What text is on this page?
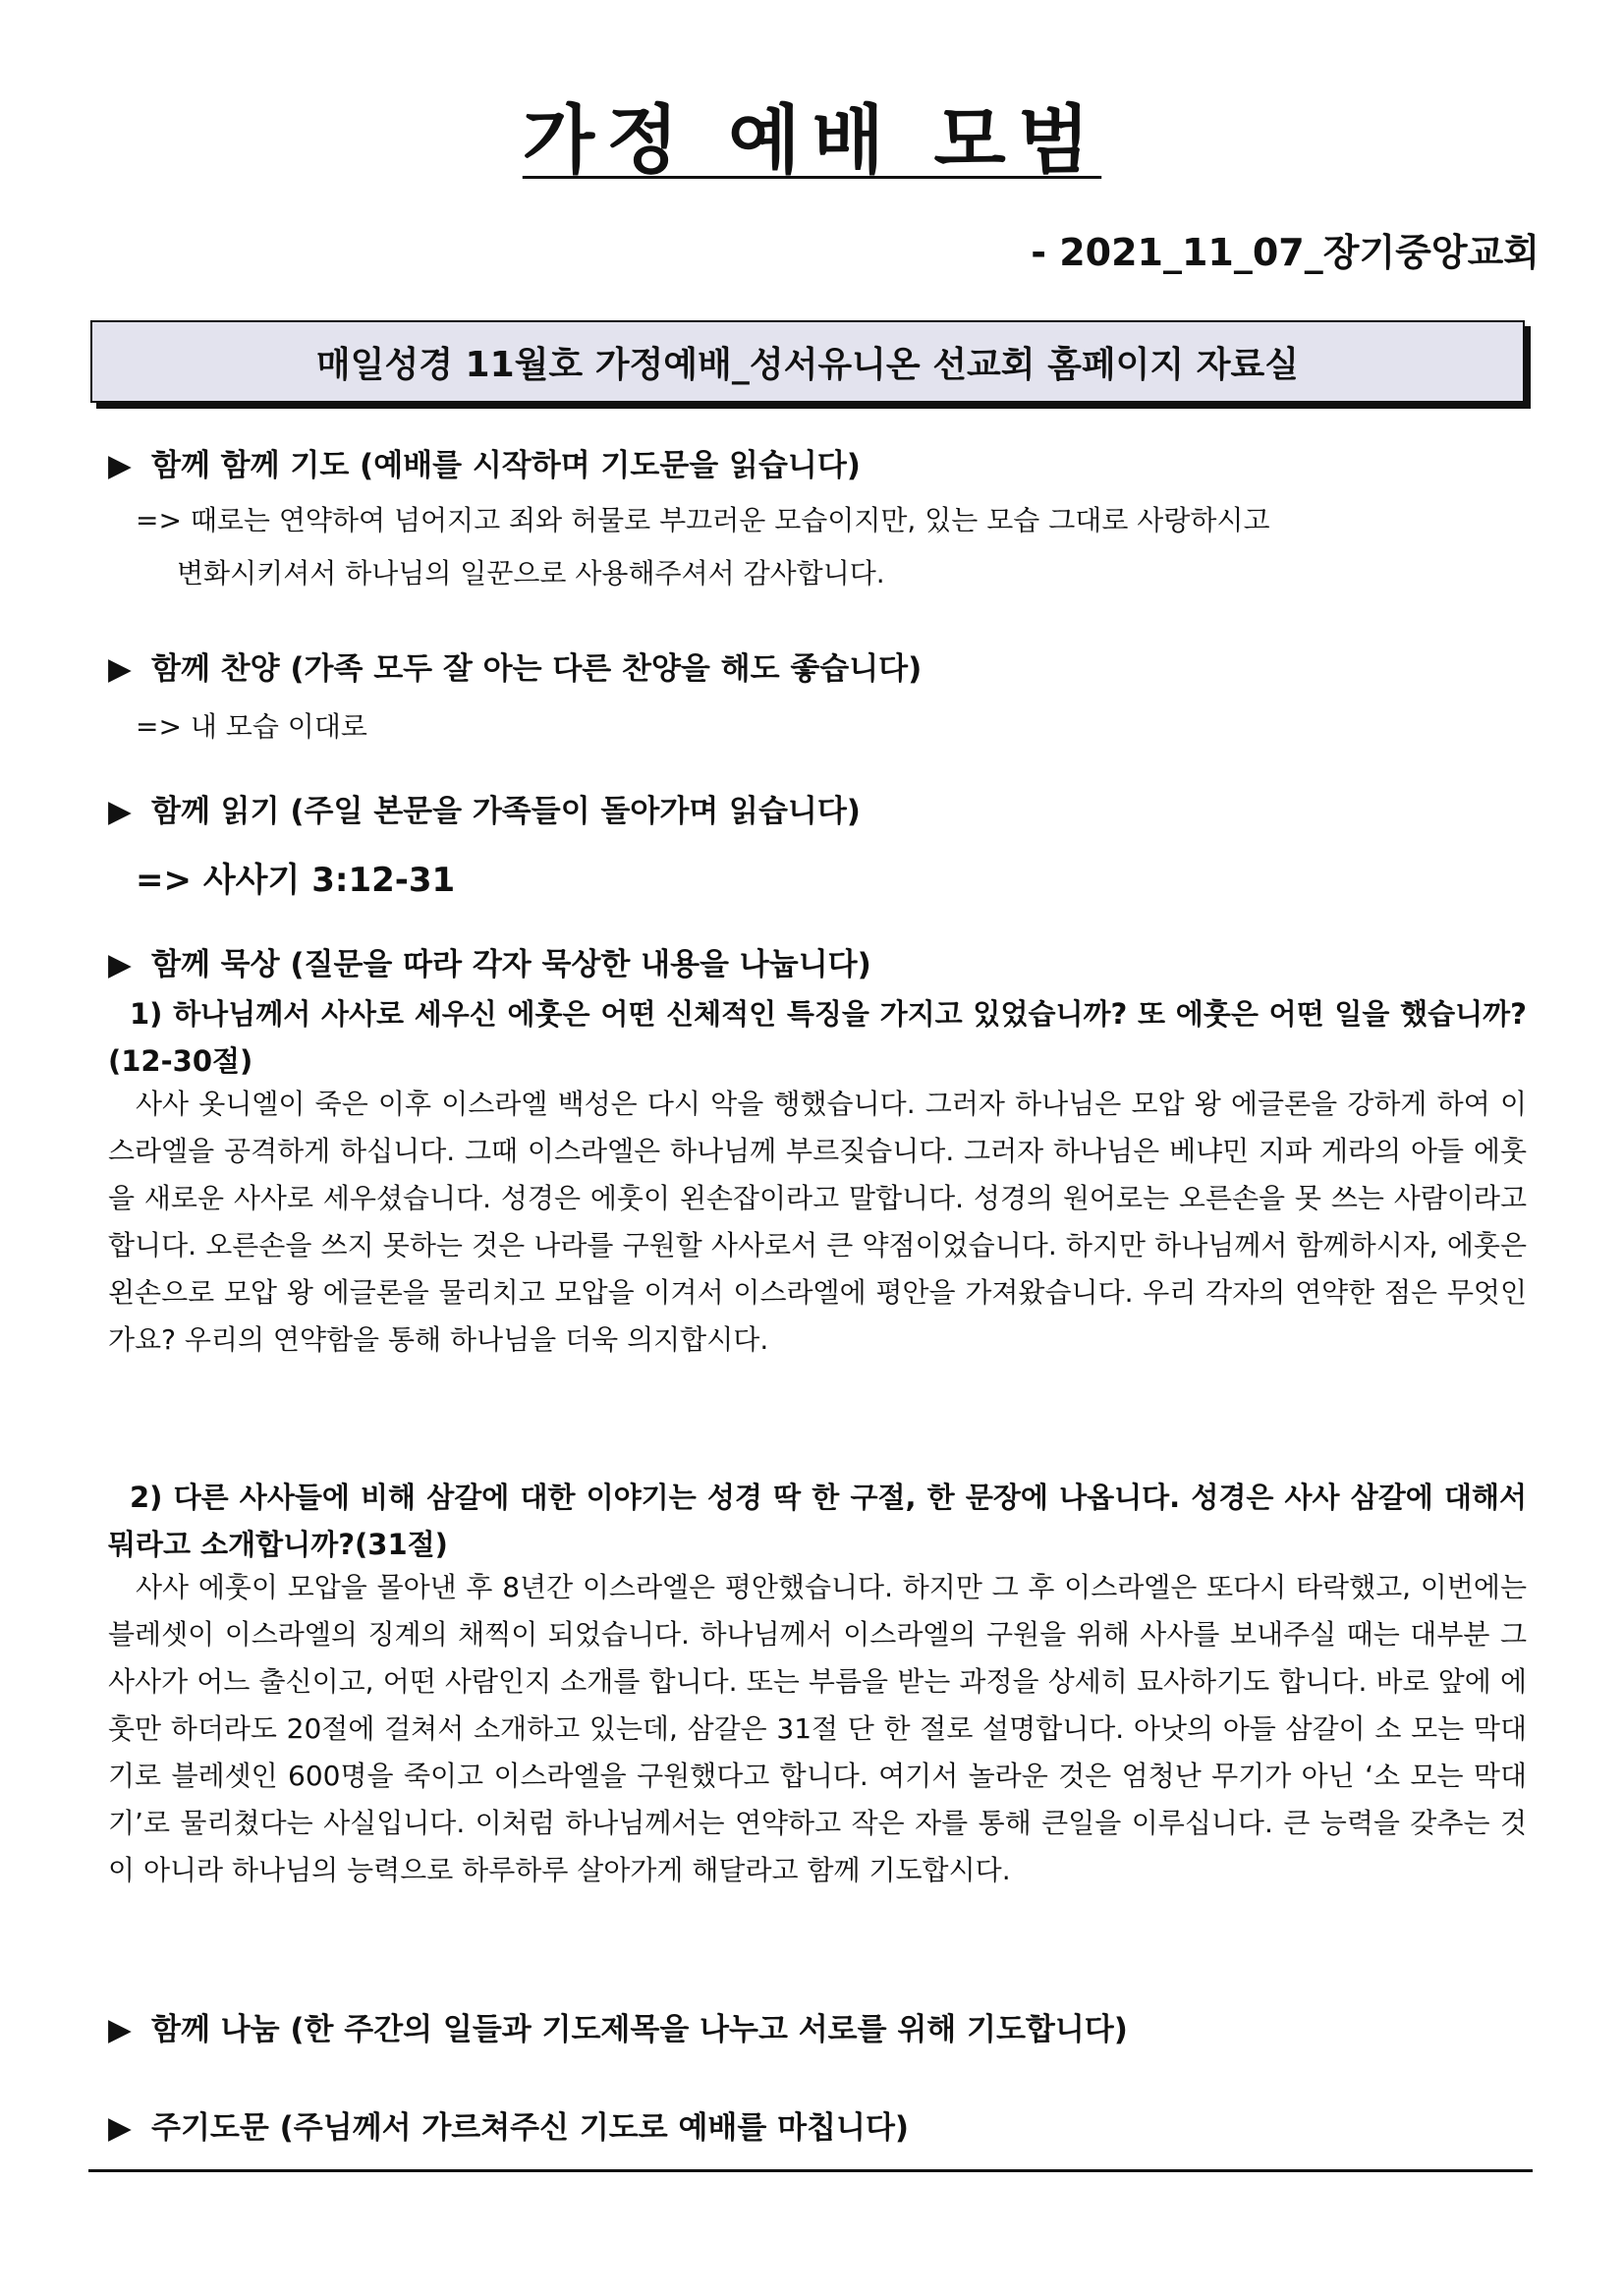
가정 예배 모범
- 2021_11_07_장기중앙교회
매일성경 11월호 가정예배_성서유니온 선교회 홈페이지 자료실
▶ 함께 함께 기도 (예배를 시작하며 기도문을 읽습니다)
=> 때로는 연약하여 넘어지고 죄와 허물로 부끄러운 모습이지만, 있는 모습 그대로 사랑하시고
변화시키셔서 하나님의 일꾼으로 사용해주셔서 감사합니다.
▶ 함께 찬양 (가족 모두 잘 아는 다른 찬양을 해도 좋습니다)
=> 내 모습 이대로
▶ 함께 읽기 (주일 본문을 가족들이 돌아가며 읽습니다)
=> 사사기 3:12-31
▶ 함께 묵상 (질문을 따라 각자 묵상한 내용을 나눕니다)
1) 하나님께서 사사로 세우신 에훗은 어떤 신체적인 특징을 가지고 있었습니까? 또 에훗은 어떤 일을 했습니까?(12-30절)
사사 옷니엘이 죽은 이후 이스라엘 백성은 다시 악을 행했습니다. 그러자 하나님은 모압 왕 에글론을 강하게 하여 이스라엘을 공격하게 하십니다. 그때 이스라엘은 하나님께 부르짖습니다. 그러자 하나님은 베냐민 지파 게라의 아들 에훗을 새로운 사사로 세우셨습니다. 성경은 에훗이 왼손잡이라고 말합니다. 성경의 원어로는 오른손을 못 쓰는 사람이라고 합니다. 오른손을 쓰지 못하는 것은 나라를 구원할 사사로서 큰 약점이었습니다. 하지만 하나님께서 함께하시자, 에훗은 왼손으로 모압 왕 에글론을 물리치고 모압을 이겨서 이스라엘에 평안을 가져왔습니다. 우리 각자의 연약한 점은 무엇인가요? 우리의 연약함을 통해 하나님을 더욱 의지합시다.
2) 다른 사사들에 비해 삼갈에 대한 이야기는 성경 딱 한 구절, 한 문장에 나옵니다. 성경은 사사 삼갈에 대해서 뭐라고 소개합니까?(31절)
사사 에훗이 모압을 몰아낸 후 8년간 이스라엘은 평안했습니다. 하지만 그 후 이스라엘은 또다시 타락했고, 이번에는 블레셋이 이스라엘의 징계의 채찍이 되었습니다. 하나님께서 이스라엘의 구원을 위해 사사를 보내주실 때는 대부분 그 사사가 어느 출신이고, 어떤 사람인지 소개를 합니다. 또는 부름을 받는 과정을 상세히 묘사하기도 합니다. 바로 앞에 에훗만 하더라도 20절에 걸쳐서 소개하고 있는데, 삼갈은 31절 단 한 절로 설명합니다. 아낫의 아들 삼갈이 소 모는 막대기로 블레셋인 600명을 죽이고 이스라엘을 구원했다고 합니다. 여기서 놀라운 것은 엄청난 무기가 아닌 ‘소 모는 막대기’로 물리쳤다는 사실입니다. 이처럼 하나님께서는 연약하고 작은 자를 통해 큰일을 이루십니다. 큰 능력을 갖추는 것이 아니라 하나님의 능력으로 하루하루 살아가게 해달라고 함께 기도합시다.
▶ 함께 나눔 (한 주간의 일들과 기도제목을 나누고 서로를 위해 기도합니다)
▶ 주기도문 (주님께서 가르쳐주신 기도로 예배를 마칩니다)
